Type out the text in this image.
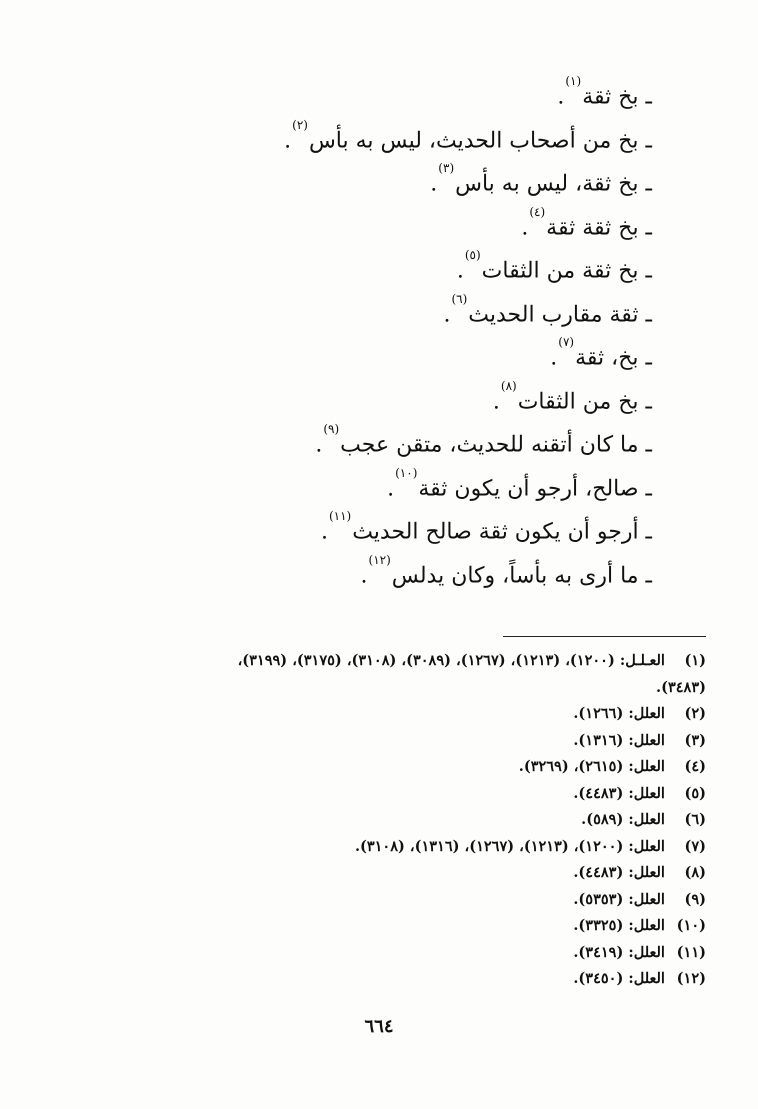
ـ بخ ثقة$^{(١)}$.
ـ بخ من أصحاب الحديث، ليس به بأس$^{(٢)}$.
ـ بخ ثقة، ليس به بأس$^{(٣)}$.
ـ بخ ثقة ثقة$^{(٤)}$.
ـ بخ ثقة من الثقات$^{(٥)}$.
ـ ثقة مقارب الحديث$^{(٦)}$.
ـ بخ، ثقة$^{(٧)}$.
ـ بخ من الثقات$^{(٨)}$.
ـ ما كان أتقنه للحديث، متقن عجب$^{(٩)}$.
ـ صالح، أرجو أن يكون ثقة$^{(١٠)}$.
ـ أرجو أن يكون ثقة صالح الحديث$^{(١١)}$.
ـ ما أرى به بأساً، وكان يدلس$^{(١٢)}$.
(١) العـلـل: (١٢٠٠)، (١٢١٣)، (١٢٦٧)، (٣٠٨٩)، (٣١٠٨)، (٣١٧٥)، (٣١٩٩)،
(٣٤٨٣).
(٢) العلل: (١٢٦٦).
(٣) العلل: (١٣١٦).
(٤) العلل: (٢٦١٥)، (٣٢٦٩).
(٥) العلل: (٤٤٨٣).
(٦) العلل: (٥٨٩).
(٧) العلل: (١٢٠٠)، (١٢١٣)، (١٢٦٧)، (١٣١٦)، (٣١٠٨).
(٨) العلل: (٤٤٨٣).
(٩) العلل: (٥٣٥٣).
(١٠) العلل: (٣٣٢٥).
(١١) العلل: (٣٤١٩).
(١٢) العلل: (٣٤٥٠).
٦٦٤
